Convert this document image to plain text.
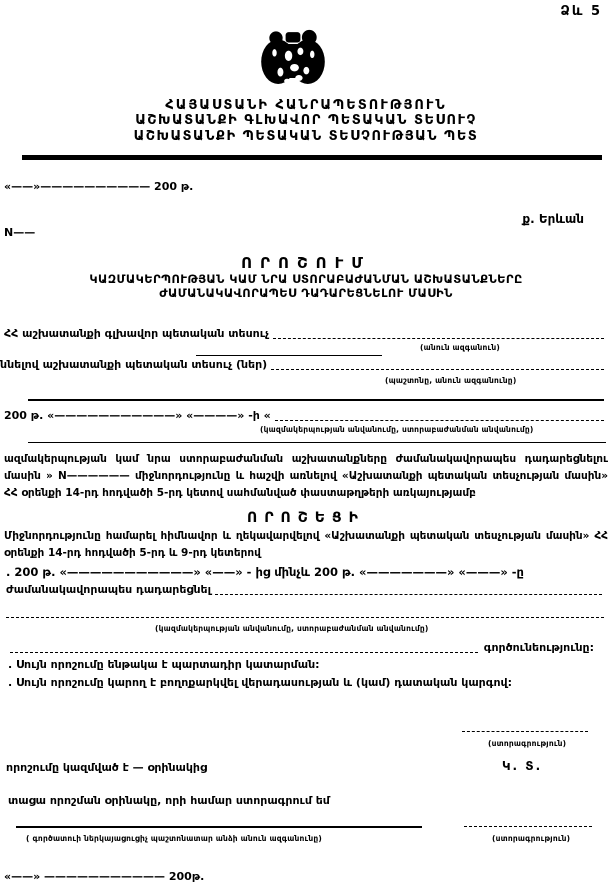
Ձև 5
ՀԱՅԱՍՏԱՆԻ ՀԱՆՐԱՊԵՏՈՒԹՅՈՒՆ
ԱՇԽԱՏԱՆՔԻ ԳԼԽԱՎՈՐ ՊԵՏԱԿԱՆ ՏԵՍՈՒՉ
ԱՇԽԱՏԱՆՔԻ ՊԵՏԱԿԱՆ ՏԵՍՉՈՒԹՅԱՆ ՊԵՏ
«——»—————————— 200 թ.
ք. Երևան
N——
ՈՐՈՇՈՒՄ
ԿԱԶՄԱԿԵՐՊՈՒԹՅԱՆ ԿԱՄ ՆՐԱ ՍՏՈՐԱԲԱԺԱՆՄԱՆ ԱՇԽԱՏԱՆՔՆԵՐԸ
ԺԱՄԱՆԱԿԱՎՈՐԱՊԵՍ ԴԱԴԱՐԵՑՆԵԼՈՒ ՄԱՍԻՆ
ՀՀ աշխատանքի գլխավոր պետական տեսուչ
(անուն ազգանուն)
ննելով աշխատանքի պետական տեսուչ (ներ)
(պաշտոնը, անուն ազգանունը)
200 թ. «———————————» «————» -ի «
(կազմակերպության անվանումը, ստորաբաժանման անվանումը)
ազմակերպության կամ նրա ստորաբաժանման աշխատանքները ժամանակավորապես դադարեցնելու մասին » N—————— միջնորդությունը և հաշվի առնելով «Աշխատանքի պետական տեսչության մասին» ՀՀ օրենքի 14-րդ հոդվածի 5-րդ կետով սահմանված փաստաթղթերի առկայությամբ
ՈՐՈՇԵՑԻ
Միջնորդությունը համարել հիմնավոր և ղեկավարվելով «Աշխատանքի պետական տեսչության մասին» ՀՀ օրենքի 14-րդ հոդվածի 5-րդ և 9-րդ կետերով
. 200 թ. «———————————» «——» - ից մինչև 200 թ. «———————» «———» -ը
ժամանակավորապես դադարեցնել
(կազմակերպության անվանումը, ստորաբաժանման անվանումը)
գործունեությունը:
. Սույն որոշումը ենթակա է պարտադիր կատարման:
. Սույն որոշումը կարող է բողոքարկվել վերադասության և (կամ) դատական կարգով:
(ստորագրություն)
որոշումը կազմված է — օրինակից	Կ. Տ.
տացա որոշման օրինակը, որի համար ստորագրում եմ
( գործատուի ներկայացուցիչ պաշտոնատար անձի անուն ազգանունը)	(ստորագրություն)
«——» ——————————— 200թ.
